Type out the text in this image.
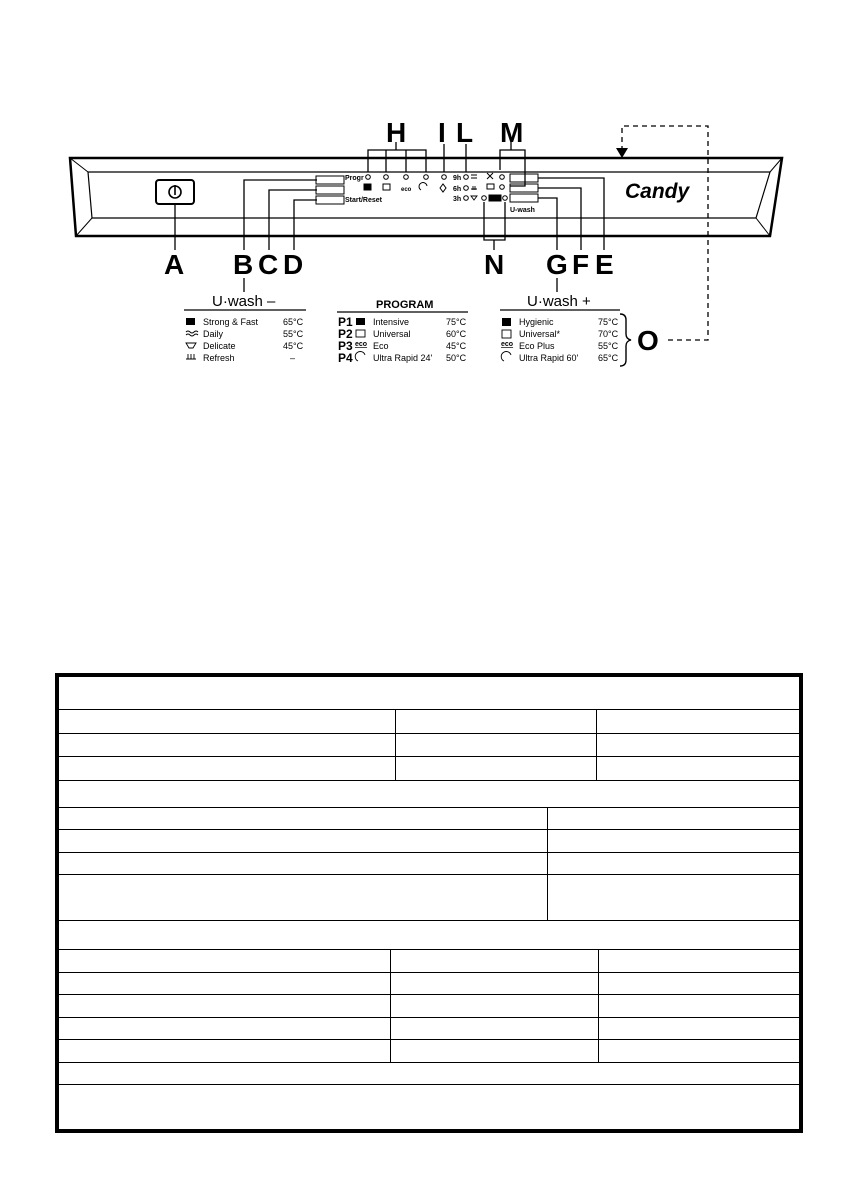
Progr
Start/Reset
U-wash
9h
6h
3h
eco	Candy
A B C D	E
F
G
H I L M
N
O
U·wash –
Strong & Fast	65°C
Daily	55°C
Delicate	45°C
Refresh	–
PROGRAM
P1 Intensive	75°C
P2 Universal	60°C
P3 eco Eco	45°C
P4 Ultra Rapid 24' 50°C
U·wash +
Hygienic	75°C
Universal*	70°C
eco Eco Plus	55°C
Ultra Rapid 60' 65°C
